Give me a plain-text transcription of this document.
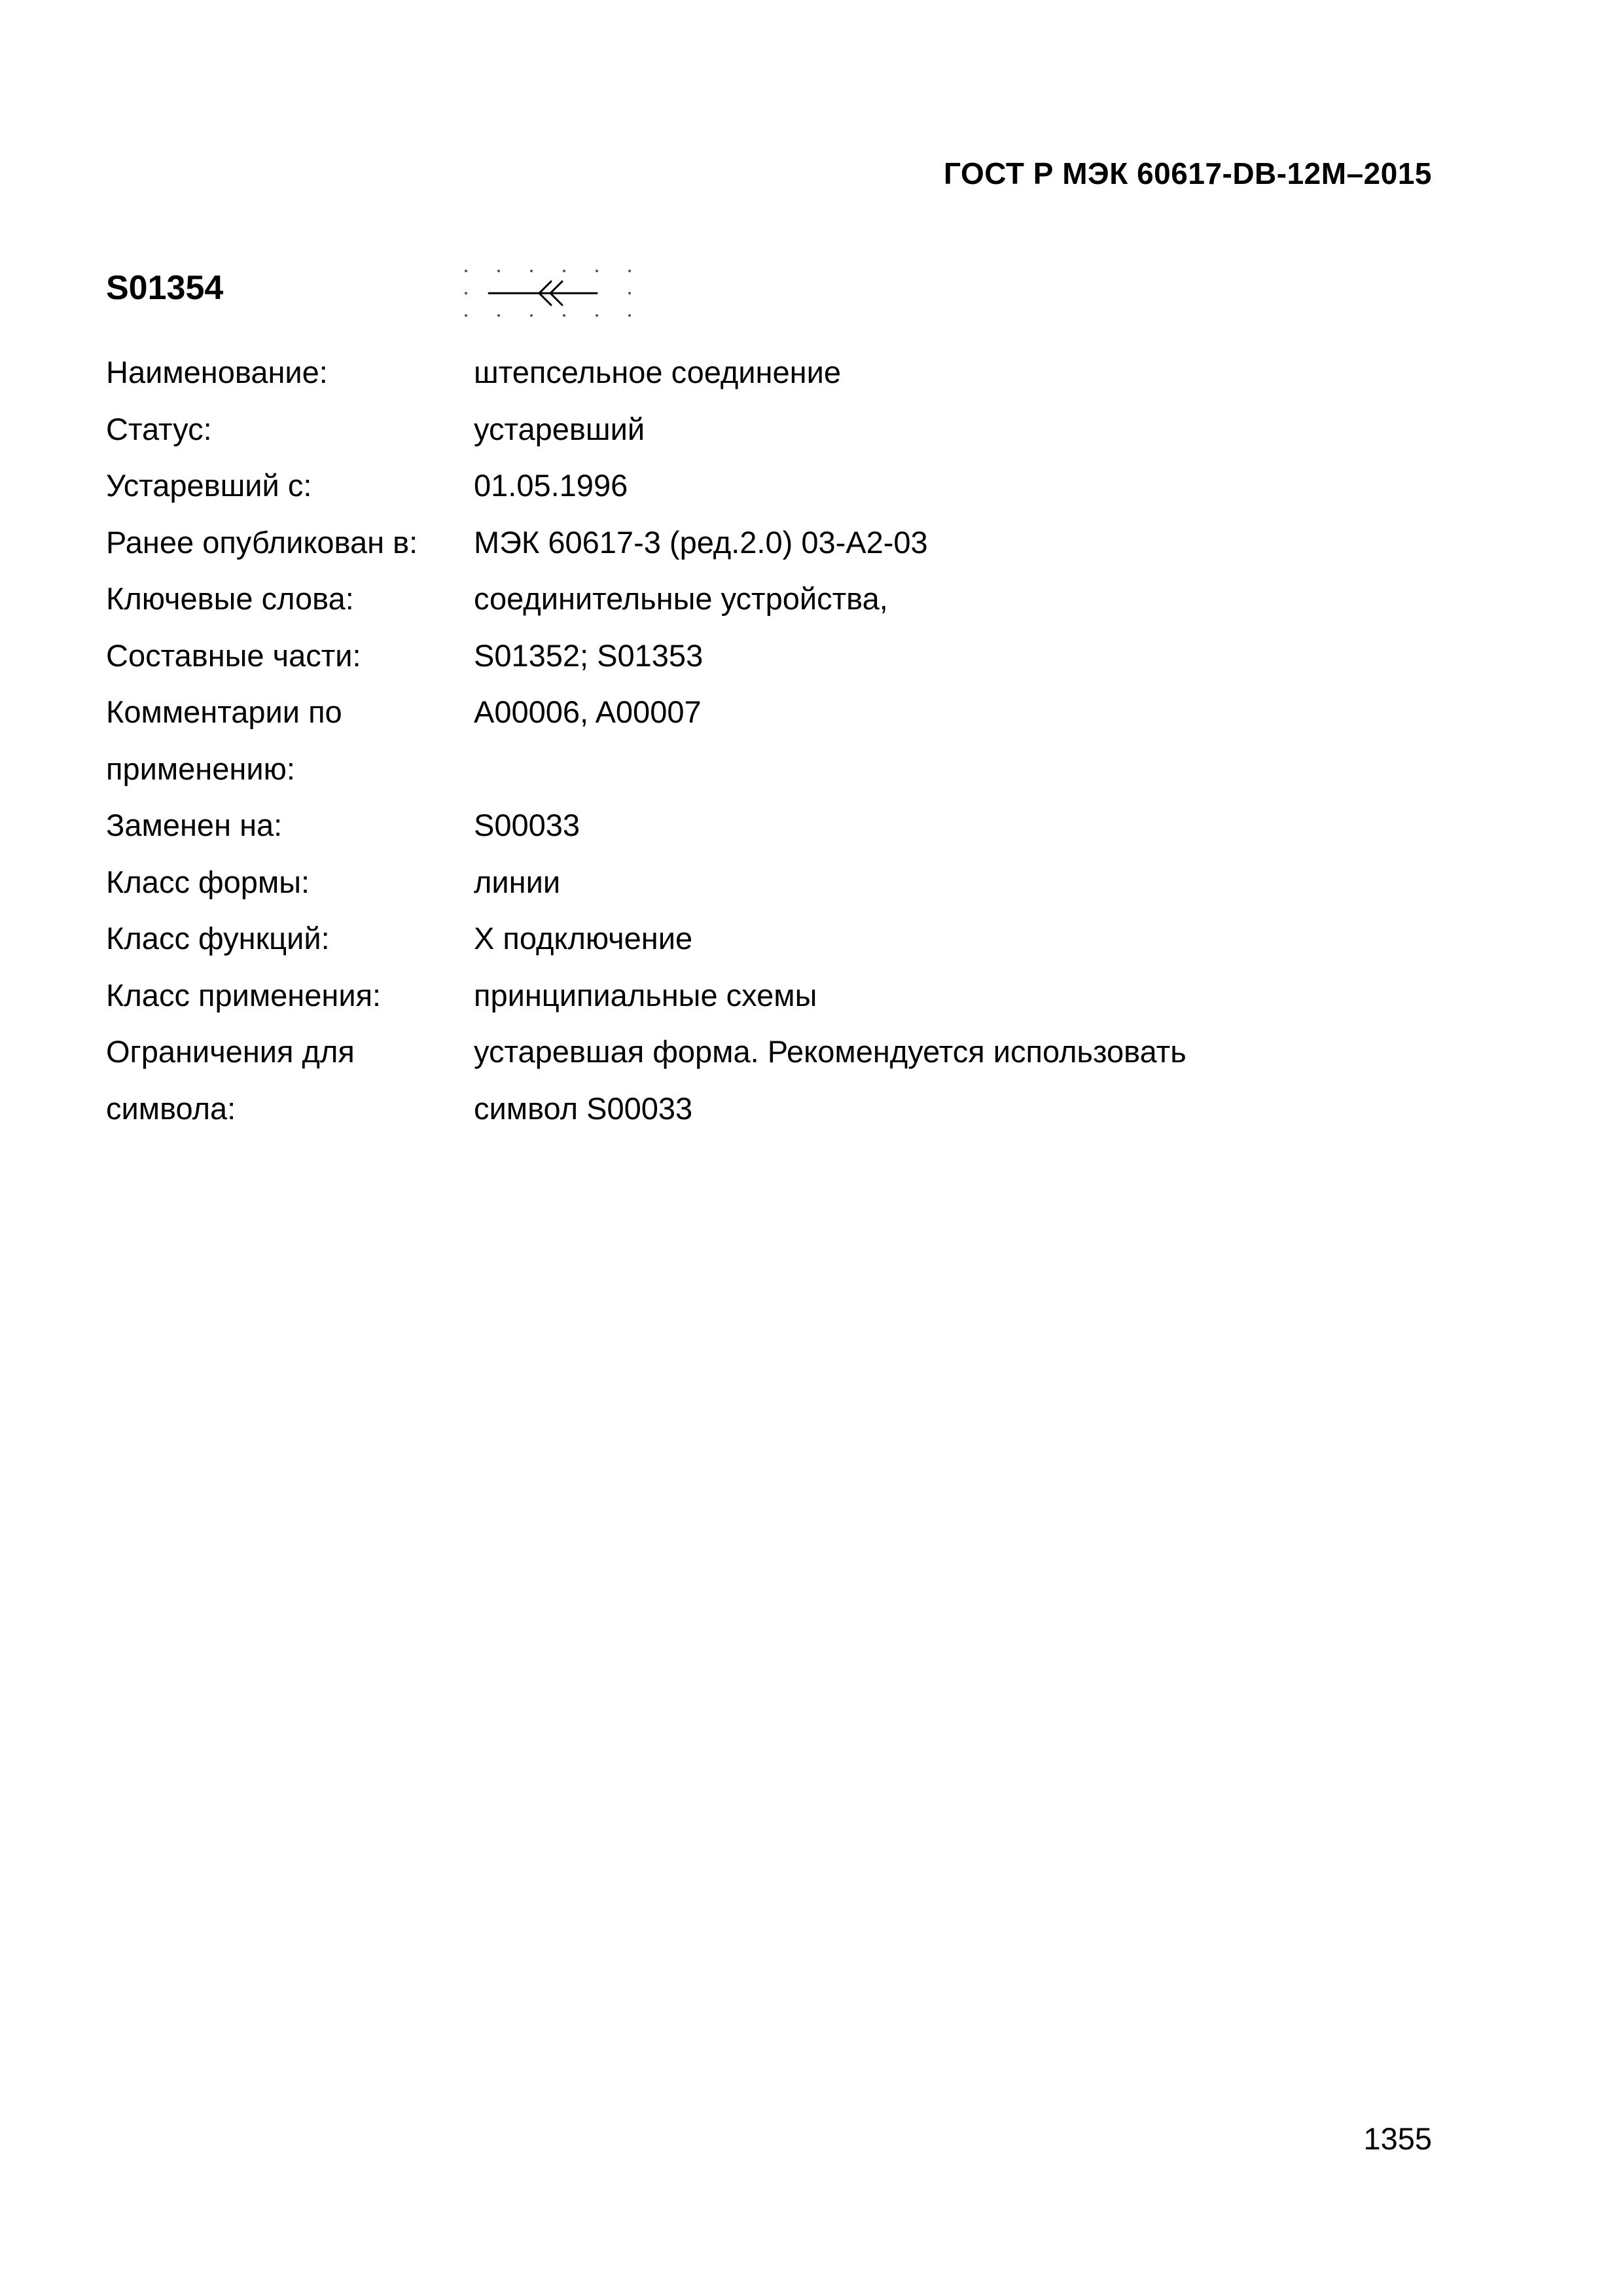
ГОСТ Р МЭК 60617-DB-12M–2015
S01354
Наименование:	штепсельное соединение
Статус:	устаревший
Устаревший с:	01.05.1996
Ранее опубликован в:	МЭК 60617-3 (ред.2.0) 03-A2-03
Ключевые слова:	соединительные устройства,
Составные части:	S01352; S01353
Комментарии по	A00006, A00007
применению:
Заменен на:	S00033
Класс формы:	линии
Класс функций:	X подключение
Класс применения:	принципиальные схемы
Ограничения для	устаревшая форма. Рекомендуется использовать
символа:	символ S00033
1355
